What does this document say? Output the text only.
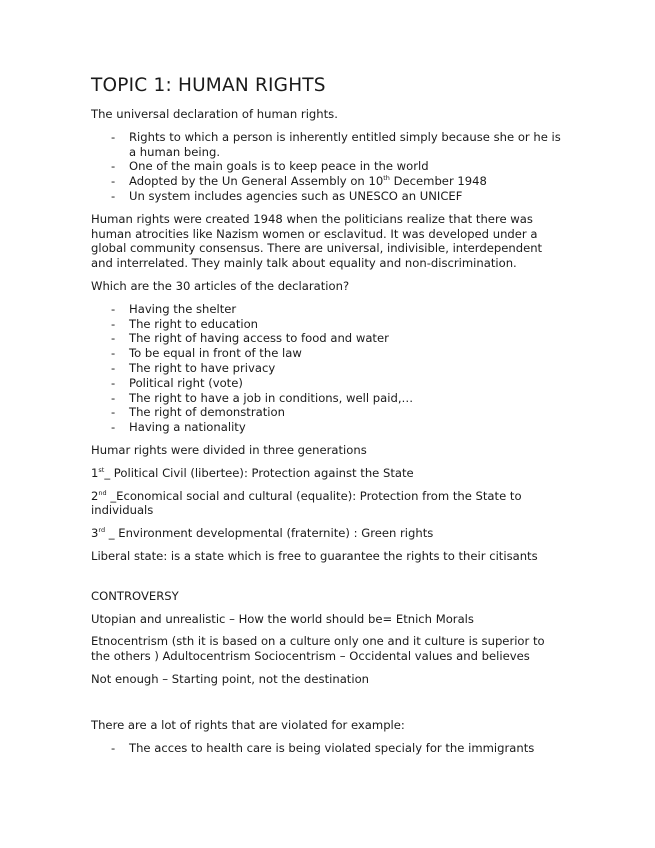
TOPIC 1: HUMAN RIGHTS

The universal declaration of human rights.

- Rights to which a person is inherently entitled simply because she or he is a human being.
- One of the main goals is to keep peace in the world
- Adopted by the Un General Assembly on 10th December 1948
- Un system includes agencies such as UNESCO an UNICEF

Human rights were created 1948 when the politicians realize that there was human atrocities like Nazism women or esclavitud. It was developed under a global community consensus. There are universal, indivisible, interdependent and interrelated. They mainly talk about equality and non-discrimination.

Which are the 30 articles of the declaration?

- Having the shelter
- The right to education
- The right of having access to food and water
- To be equal in front of the law
- The right to have privacy
- Political right (vote)
- The right to have a job in conditions, well paid,…
- The right of demonstration
- Having a nationality

Humar rights were divided in three generations

1st_ Political Civil (libertee): Protection against the State

2nd _Economical social and cultural (equalite): Protection from the State to individuals

3rd _ Environment developmental (fraternite) : Green rights

Liberal state: is a state which is free to guarantee the rights to their citisants

CONTROVERSY

Utopian and unrealistic – How the world should be= Etnich Morals

Etnocentrism (sth it is based on a culture only one and it culture is superior to the others ) Adultocentrism Sociocentrism – Occidental values and believes

Not enough – Starting point, not the destination

There are a lot of rights that are violated for example:

- The acces to health care is being violated specialy for the immigrants
